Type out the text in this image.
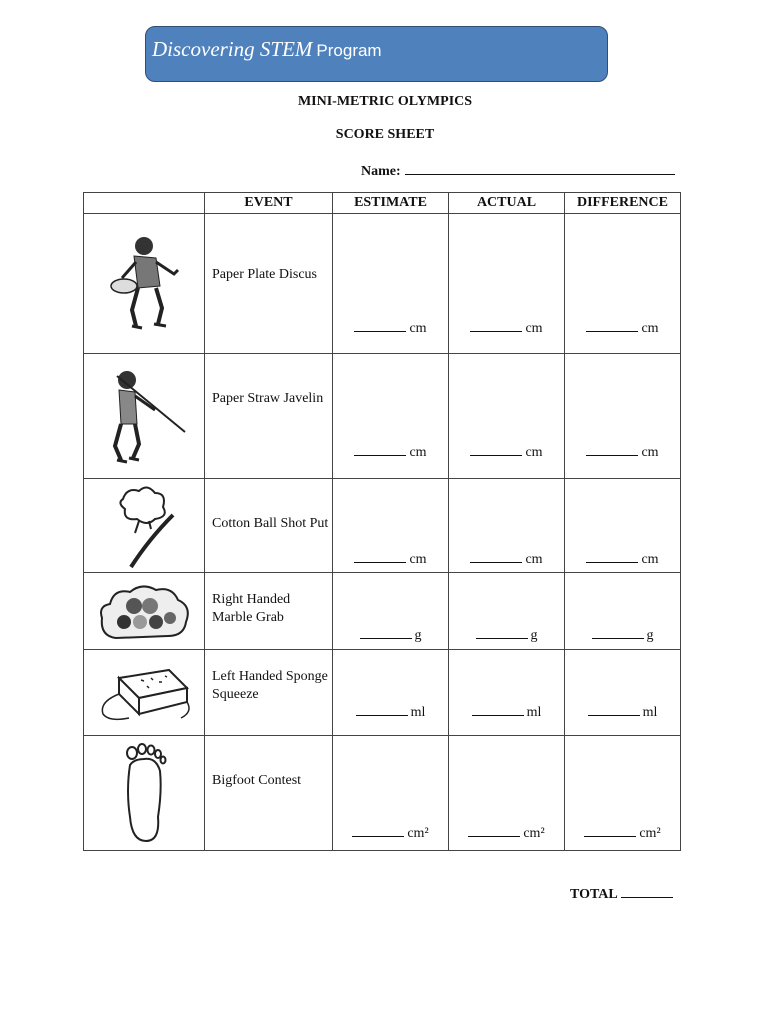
Discovering STEM Program
MINI-METRIC OLYMPICS
SCORE SHEET
Name:
	EVENT	ESTIMATE	ACTUAL	DIFFERENCE

Paper Plate Discus	cm	cm	cm

Paper Straw Javelin	cm	cm	cm

Cotton Ball Shot Put	cm	cm	cm

Right Handed Marble Grab	g	g	g

Left Handed Sponge Squeeze	ml	ml	ml

Bigfoot Contest	cm²	cm²	cm²
TOTAL
